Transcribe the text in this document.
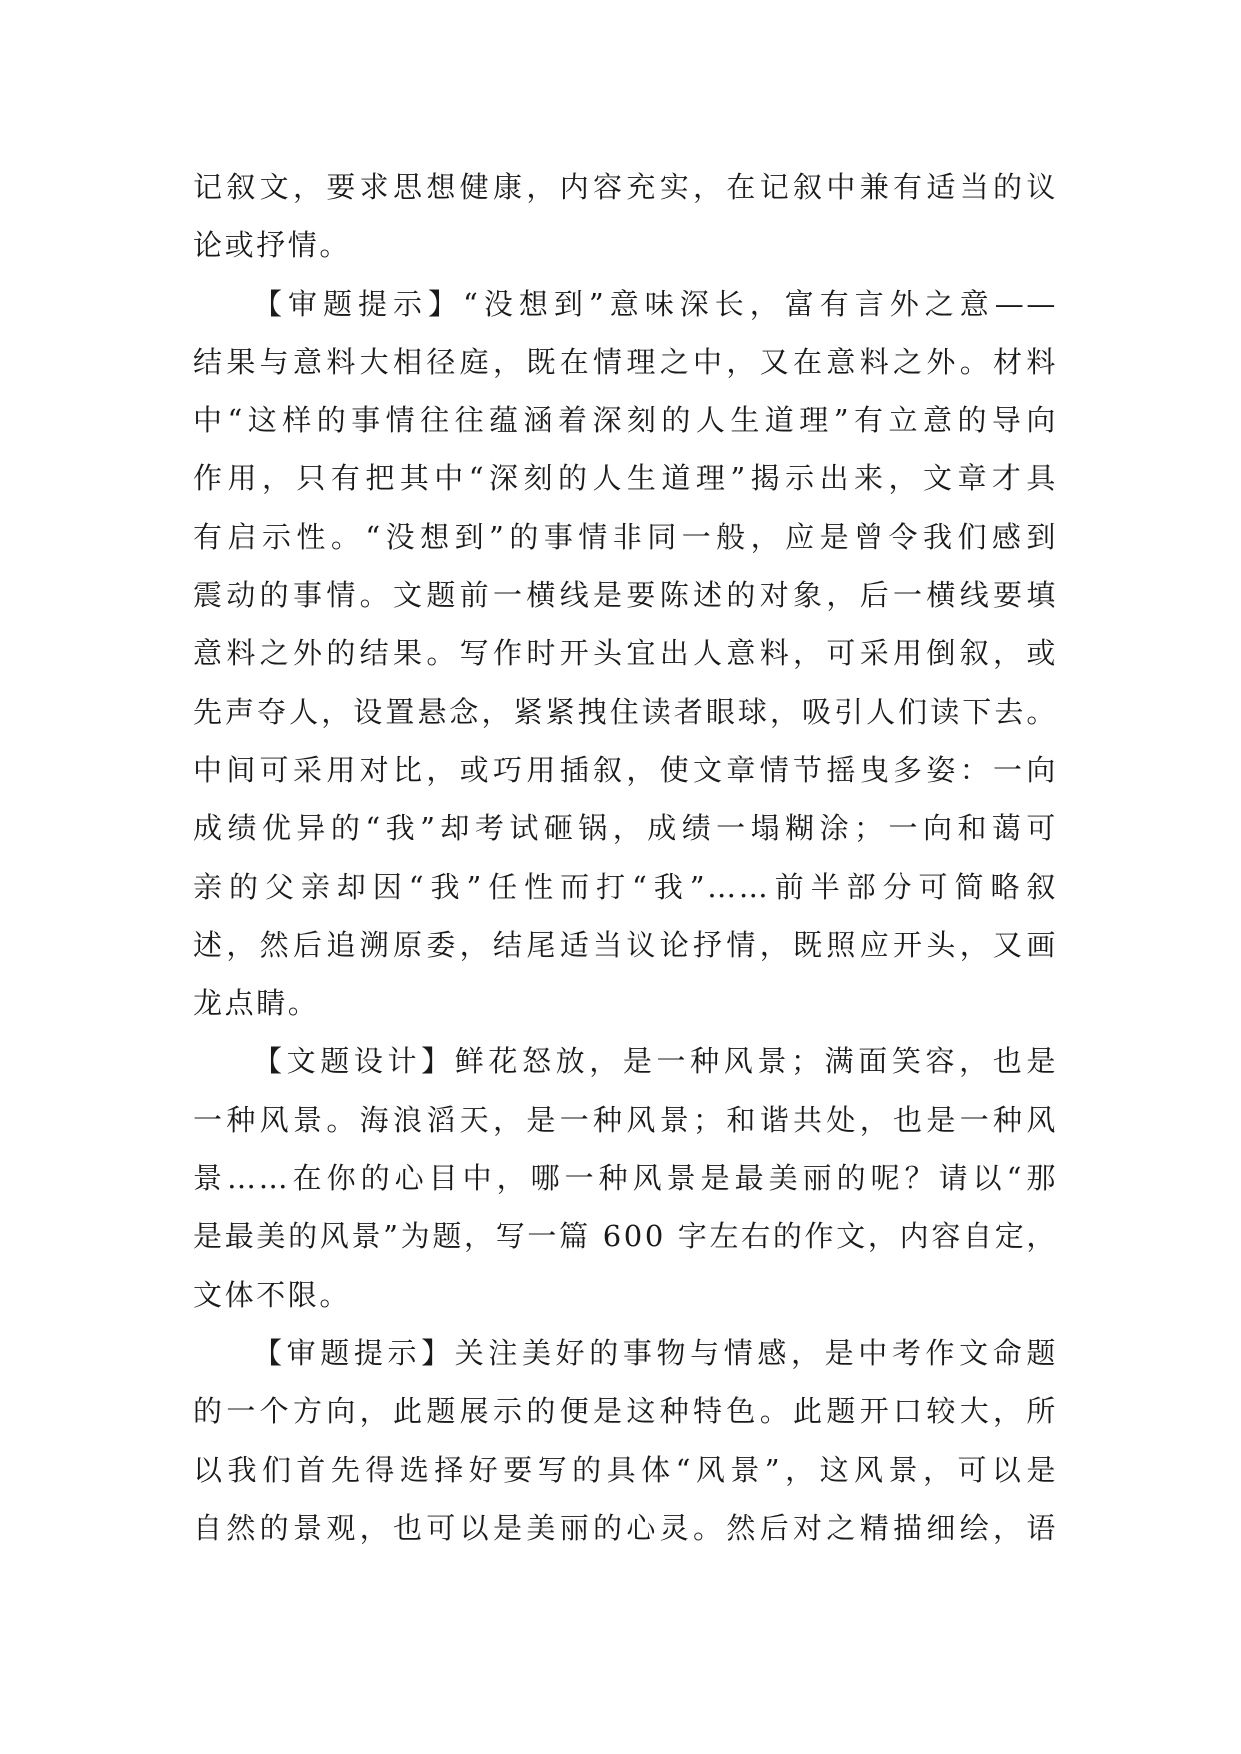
记叙文，要求思想健康，内容充实，在记叙中兼有适当的议
论或抒情。
【审题提示】“没想到”意味深长，富有言外之意——
结果与意料大相径庭，既在情理之中，又在意料之外。材料
中“这样的事情往往蕴涵着深刻的人生道理”有立意的导向
作用，只有把其中“深刻的人生道理”揭示出来，文章才具
有启示性。“没想到”的事情非同一般，应是曾令我们感到
震动的事情。文题前一横线是要陈述的对象，后一横线要填
意料之外的结果。写作时开头宜出人意料，可采用倒叙，或
先声夺人，设置悬念，紧紧拽住读者眼球，吸引人们读下去。
中间可采用对比，或巧用插叙，使文章情节摇曳多姿：一向
成绩优异的“我”却考试砸锅，成绩一塌糊涂；一向和蔼可
亲的父亲却因“我”任性而打“我”……前半部分可简略叙
述，然后追溯原委，结尾适当议论抒情，既照应开头，又画
龙点睛。
【文题设计】鲜花怒放，是一种风景；满面笑容，也是
一种风景。海浪滔天，是一种风景；和谐共处，也是一种风
景……在你的心目中，哪一种风景是最美丽的呢？请以“那
是最美的风景”为题，写一篇 600 字左右的作文，内容自定，
文体不限。
【审题提示】关注美好的事物与情感，是中考作文命题
的一个方向，此题展示的便是这种特色。此题开口较大，所
以我们首先得选择好要写的具体“风景”，这风景，可以是
自然的景观，也可以是美丽的心灵。然后对之精描细绘，语
